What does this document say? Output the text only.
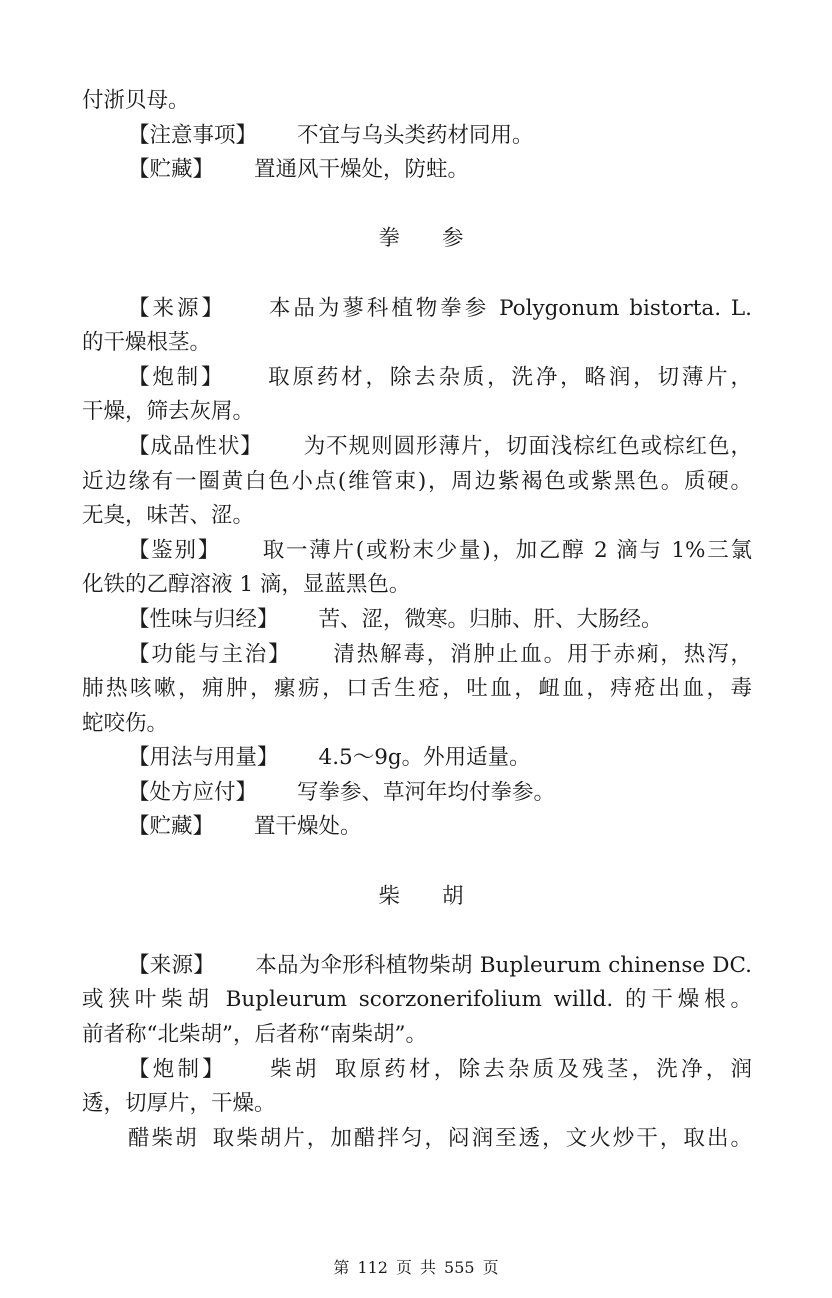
付浙贝母。
【注意事项】 不宜与乌头类药材同用。
【贮藏】 置通风干燥处，防蛀。
拳 参
【来源】 本品为蓼科植物拳参 Polygonum bistorta. L.
的干燥根茎。
【炮制】 取原药材，除去杂质，洗净，略润，切薄片，
干燥，筛去灰屑。
【成品性状】 为不规则圆形薄片，切面浅棕红色或棕红色，
近边缘有一圈黄白色小点(维管束)，周边紫褐色或紫黑色。质硬。
无臭，味苦、涩。
【鉴别】 取一薄片(或粉末少量)，加乙醇 2 滴与 1%三氯
化铁的乙醇溶液 1 滴，显蓝黑色。
【性味与归经】 苦、涩，微寒。归肺、肝、大肠经。
【功能与主治】 清热解毒，消肿止血。用于赤痢，热泻，
肺热咳嗽，痈肿，瘰疬，口舌生疮，吐血，衄血，痔疮出血，毒
蛇咬伤。
【用法与用量】 4.5～9g。外用适量。
【处方应付】 写拳参、草河年均付拳参。
【贮藏】 置干燥处。
柴 胡
【来源】 本品为伞形科植物柴胡 Bupleurum chinense DC.
或狭叶柴胡 Bupleurum scorzonerifolium willd. 的干燥根。
前者称“北柴胡”，后者称“南柴胡”。
【炮制】 柴胡 取原药材，除去杂质及残茎，洗净，润
透，切厚片，干燥。
醋柴胡 取柴胡片，加醋拌匀，闷润至透，文火炒干，取出。
第 112 页 共 555 页
